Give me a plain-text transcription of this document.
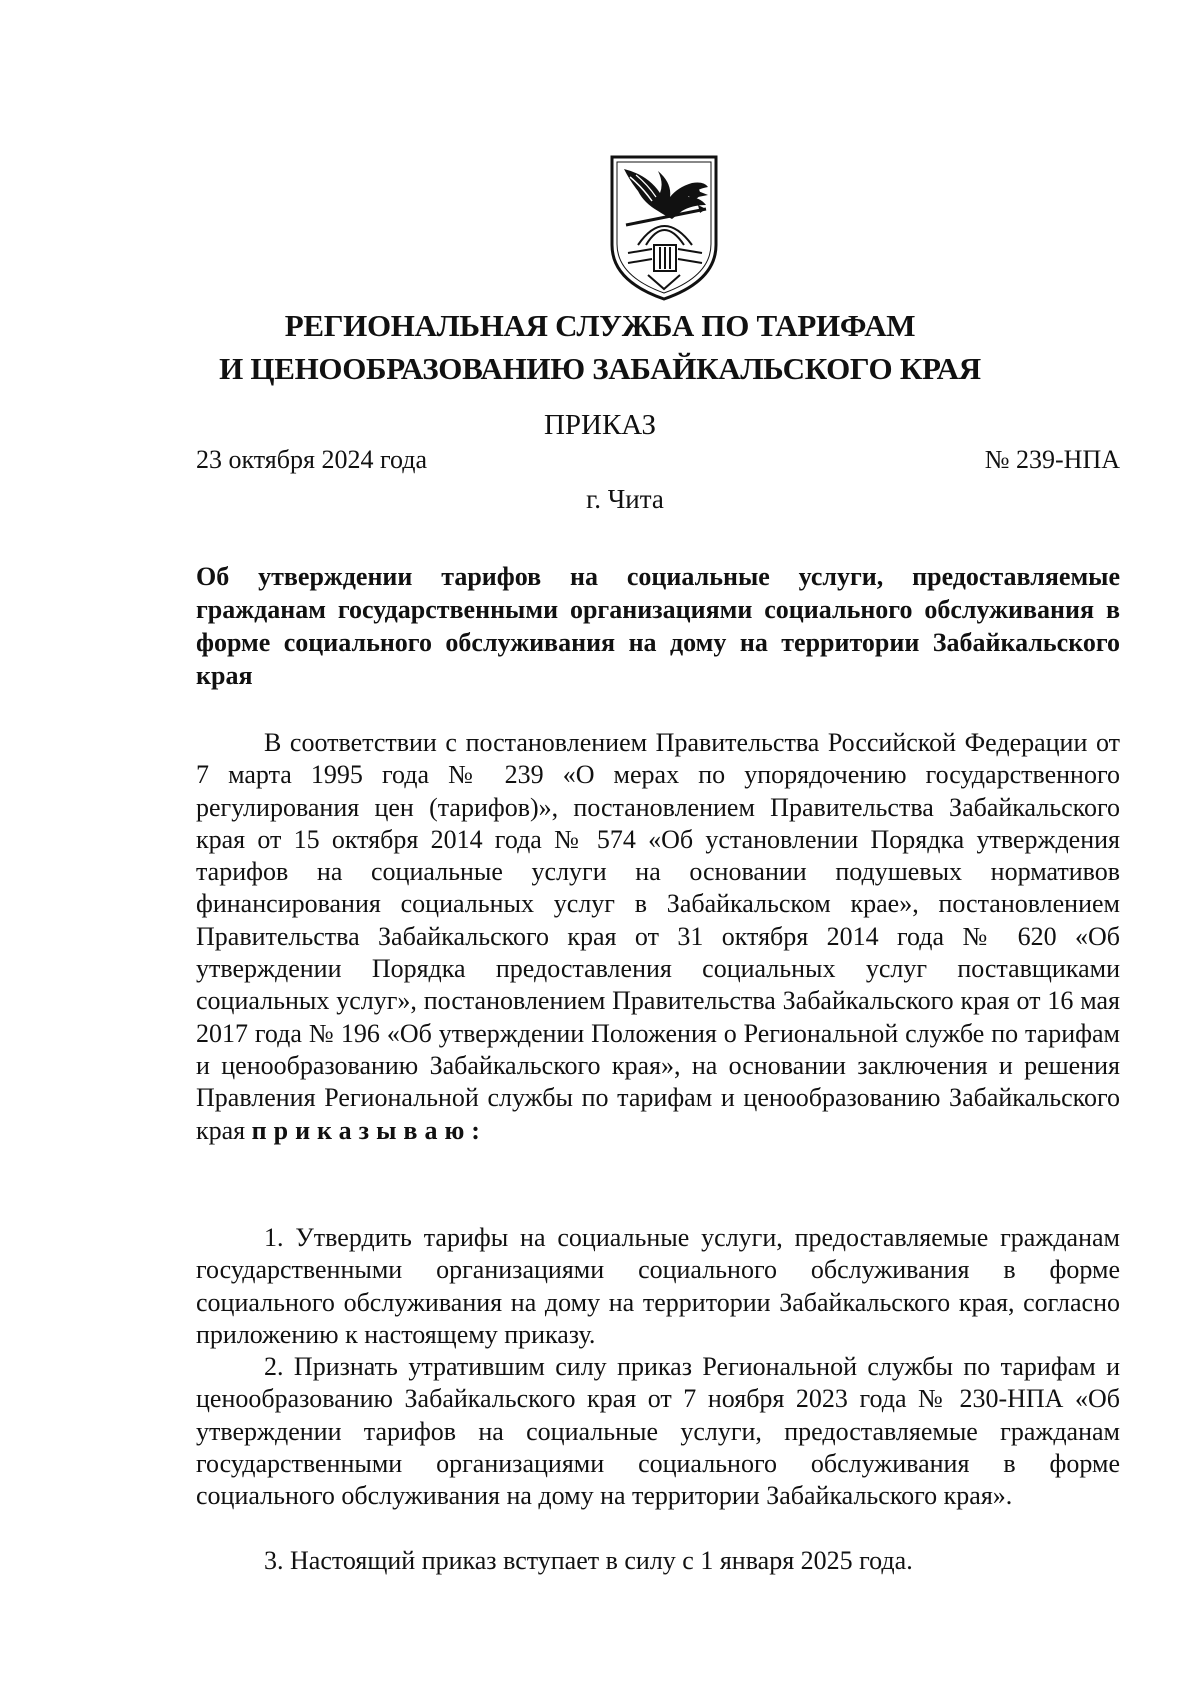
РЕГИОНАЛЬНАЯ СЛУЖБА ПО ТАРИФАМ
И ЦЕНООБРАЗОВАНИЮ ЗАБАЙКАЛЬСКОГО КРАЯ
ПРИКАЗ
23 октября 2024 года	№ 239-НПА
г. Чита
Об утверждении тарифов на социальные услуги, предоставляемые гражданам государственными организациями социального обслуживания в форме социального обслуживания на дому на территории Забайкальского края

В соответствии с постановлением Правительства Российской Федерации от 7 марта 1995 года № 239 «О мерах по упорядочению государственного регулирования цен (тарифов)», постановлением Правительства Забайкальского края от 15 октября 2014 года № 574 «Об установлении Порядка утверждения тарифов на социальные услуги на основании подушевых нормативов финансирования социальных услуг в Забайкальском крае», постановлением Правительства Забайкальского края от 31 октября 2014 года № 620 «Об утверждении Порядка предоставления социальных услуг поставщиками социальных услуг», постановлением Правительства Забайкальского края от 16 мая 2017 года № 196 «Об утверждении Положения о Региональной службе по тарифам и ценообразованию Забайкальского края», на основании заключения и решения Правления Региональной службы по тарифам и ценообразованию Забайкальского края приказываю:

1. Утвердить тарифы на социальные услуги, предоставляемые гражданам государственными организациями социального обслуживания в форме социального обслуживания на дому на территории Забайкальского края, согласно приложению к настоящему приказу.

2. Признать утратившим силу приказ Региональной службы по тарифам и ценообразованию Забайкальского края от 7 ноября 2023 года № 230-НПА «Об утверждении тарифов на социальные услуги, предоставляемые гражданам государственными организациями социального обслуживания в форме социального обслуживания на дому на территории Забайкальского края».

3. Настоящий приказ вступает в силу с 1 января 2025 года.
